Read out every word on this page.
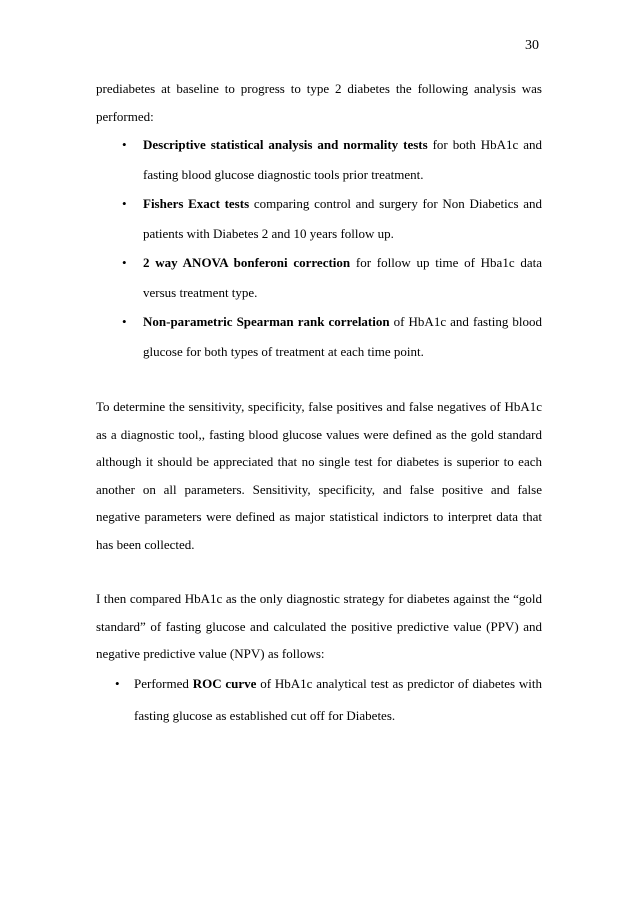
30

prediabetes at baseline to progress to type 2 diabetes the following analysis was performed:

• Descriptive statistical analysis and normality tests for both HbA1c and fasting blood glucose diagnostic tools prior treatment.
• Fishers Exact tests comparing control and surgery for Non Diabetics and patients with Diabetes 2 and 10 years follow up.
• 2 way ANOVA bonferoni correction for follow up time of Hba1c data versus treatment type.
• Non-parametric Spearman rank correlation of HbA1c and fasting blood glucose for both types of treatment at each time point.

To determine the sensitivity, specificity, false positives and false negatives of HbA1c as a diagnostic tool,, fasting blood glucose values were defined as the gold standard although it should be appreciated that no single test for diabetes is superior to each another on all parameters. Sensitivity, specificity, and false positive and false negative parameters were defined as major statistical indictors to interpret data that has been collected.

I then compared HbA1c as the only diagnostic strategy for diabetes against the “gold standard” of fasting glucose and calculated the positive predictive value (PPV) and negative predictive value (NPV) as follows:

• Performed ROC curve of HbA1c analytical test as predictor of diabetes with fasting glucose as established cut off for Diabetes.
